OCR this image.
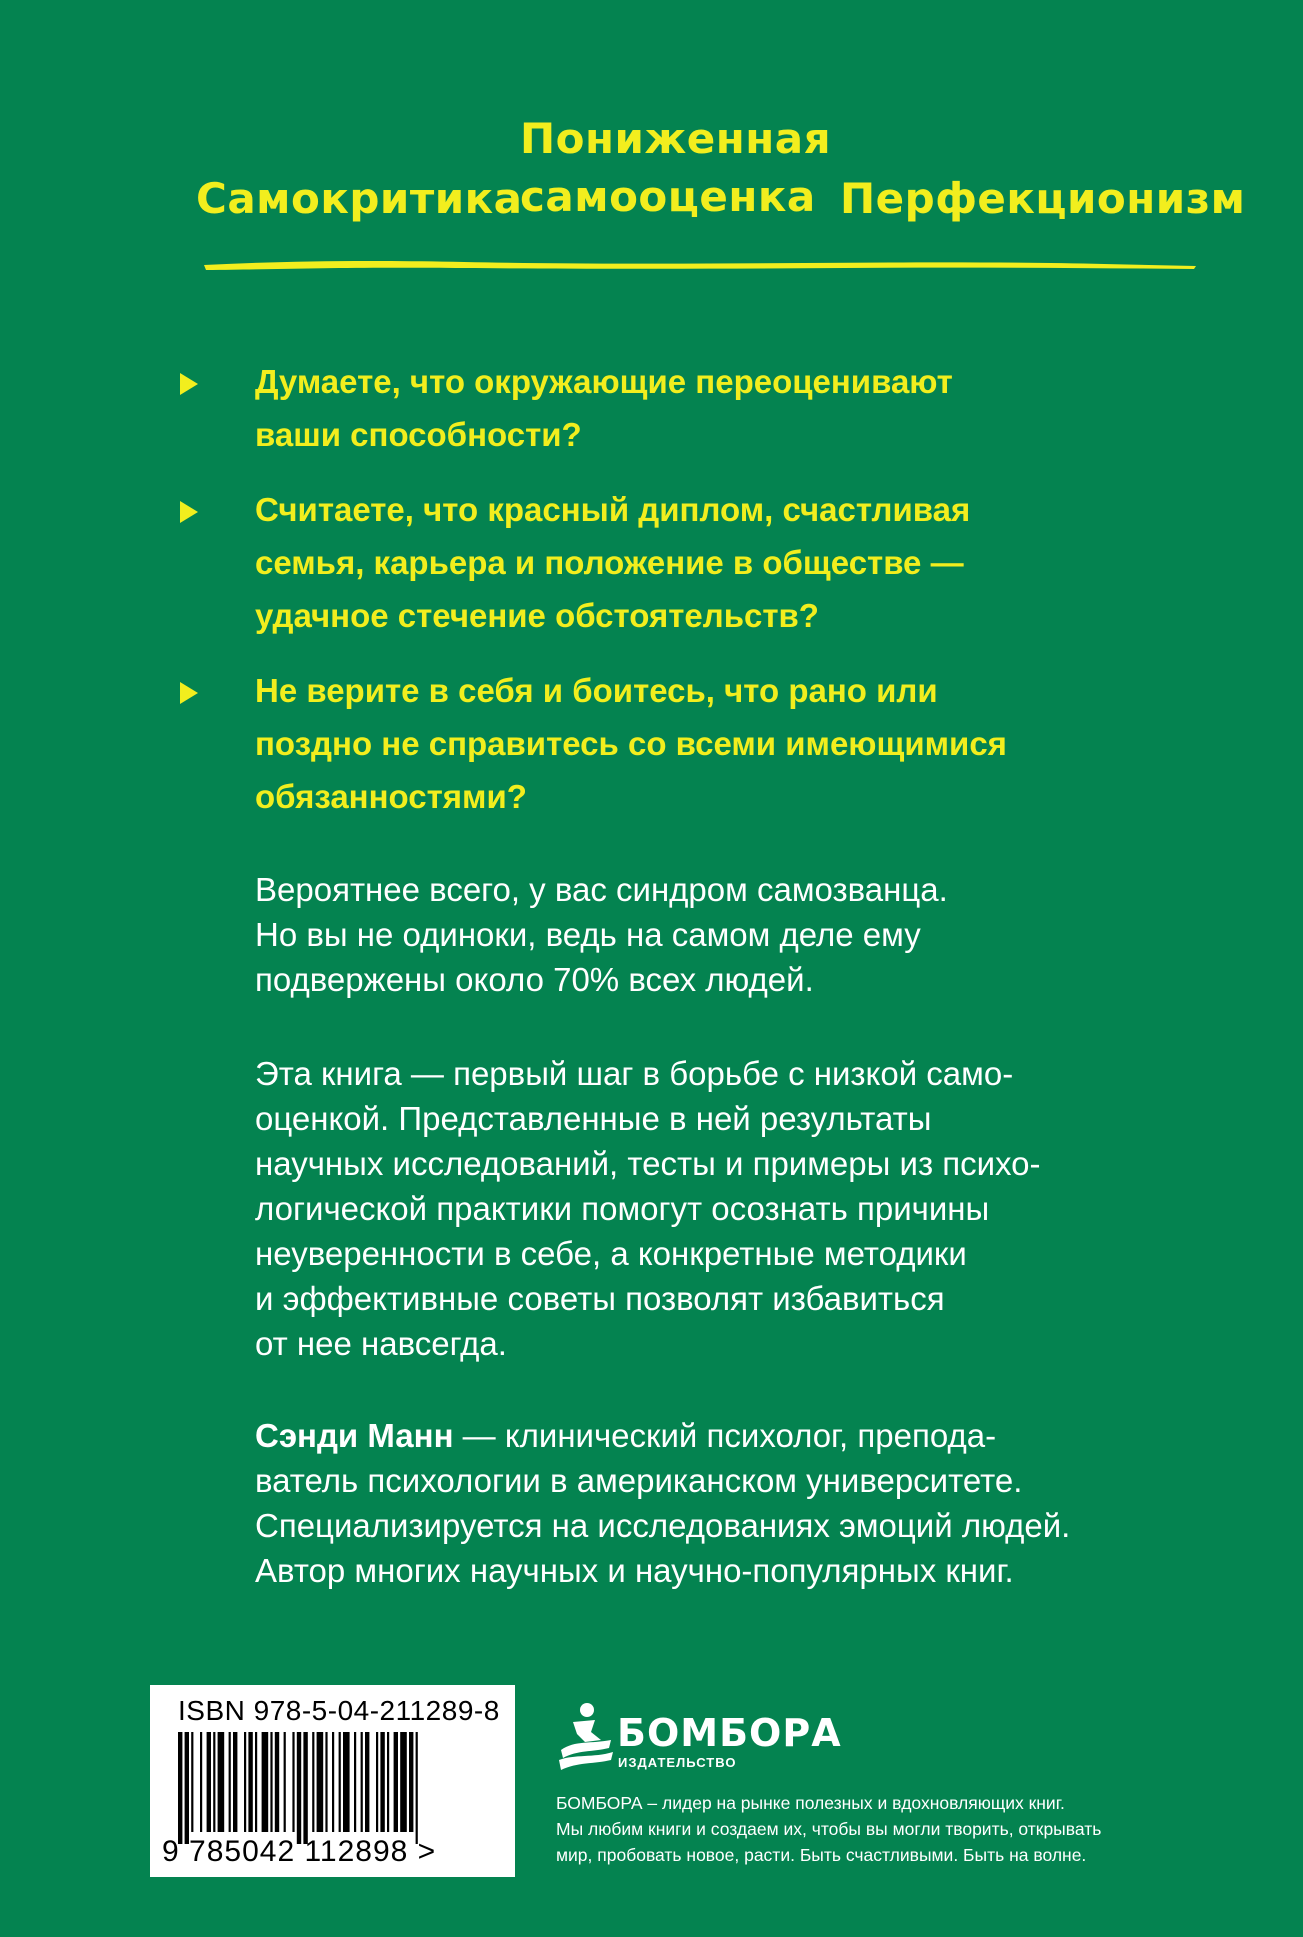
Самокритика
Пониженная
самооценка Перфекционизм
Думаете, что окружающие переоценивают
ваши способности?
Считаете, что красный диплом, счастливая
семья, карьера и положение в обществе —
удачное стечение обстоятельств?
Не верите в себя и боитесь, что рано или
поздно не справитесь со всеми имеющимися
обязанностями?
Вероятнее всего, у вас синдром самозванца.
Но вы не одиноки, ведь на самом деле ему
подвержены около 70% всех людей.
Эта книга — первый шаг в борьбе с низкой само-
оценкой. Представленные в ней результаты
научных исследований, тесты и примеры из психо-
логической практики помогут осознать причины
неуверенности в себе, а конкретные методики
и эффективные советы позволят избавиться
от нее навсегда.
Сэнди Манн — клинический психолог, препода-
ватель психологии в американском университете.
Специализируется на исследованиях эмоций людей.
Автор многих научных и научно-популярных книг.
ISBN 978-5-04-211289-8
9 785042 112898 >
БОМБОРА
ИЗДАТЕЛЬСТВО
БОМБОРА – лидер на рынке полезных и вдохновляющих книг.
Мы любим книги и создаем их, чтобы вы могли творить, открывать
мир, пробовать новое, расти. Быть счастливыми. Быть на волне.
